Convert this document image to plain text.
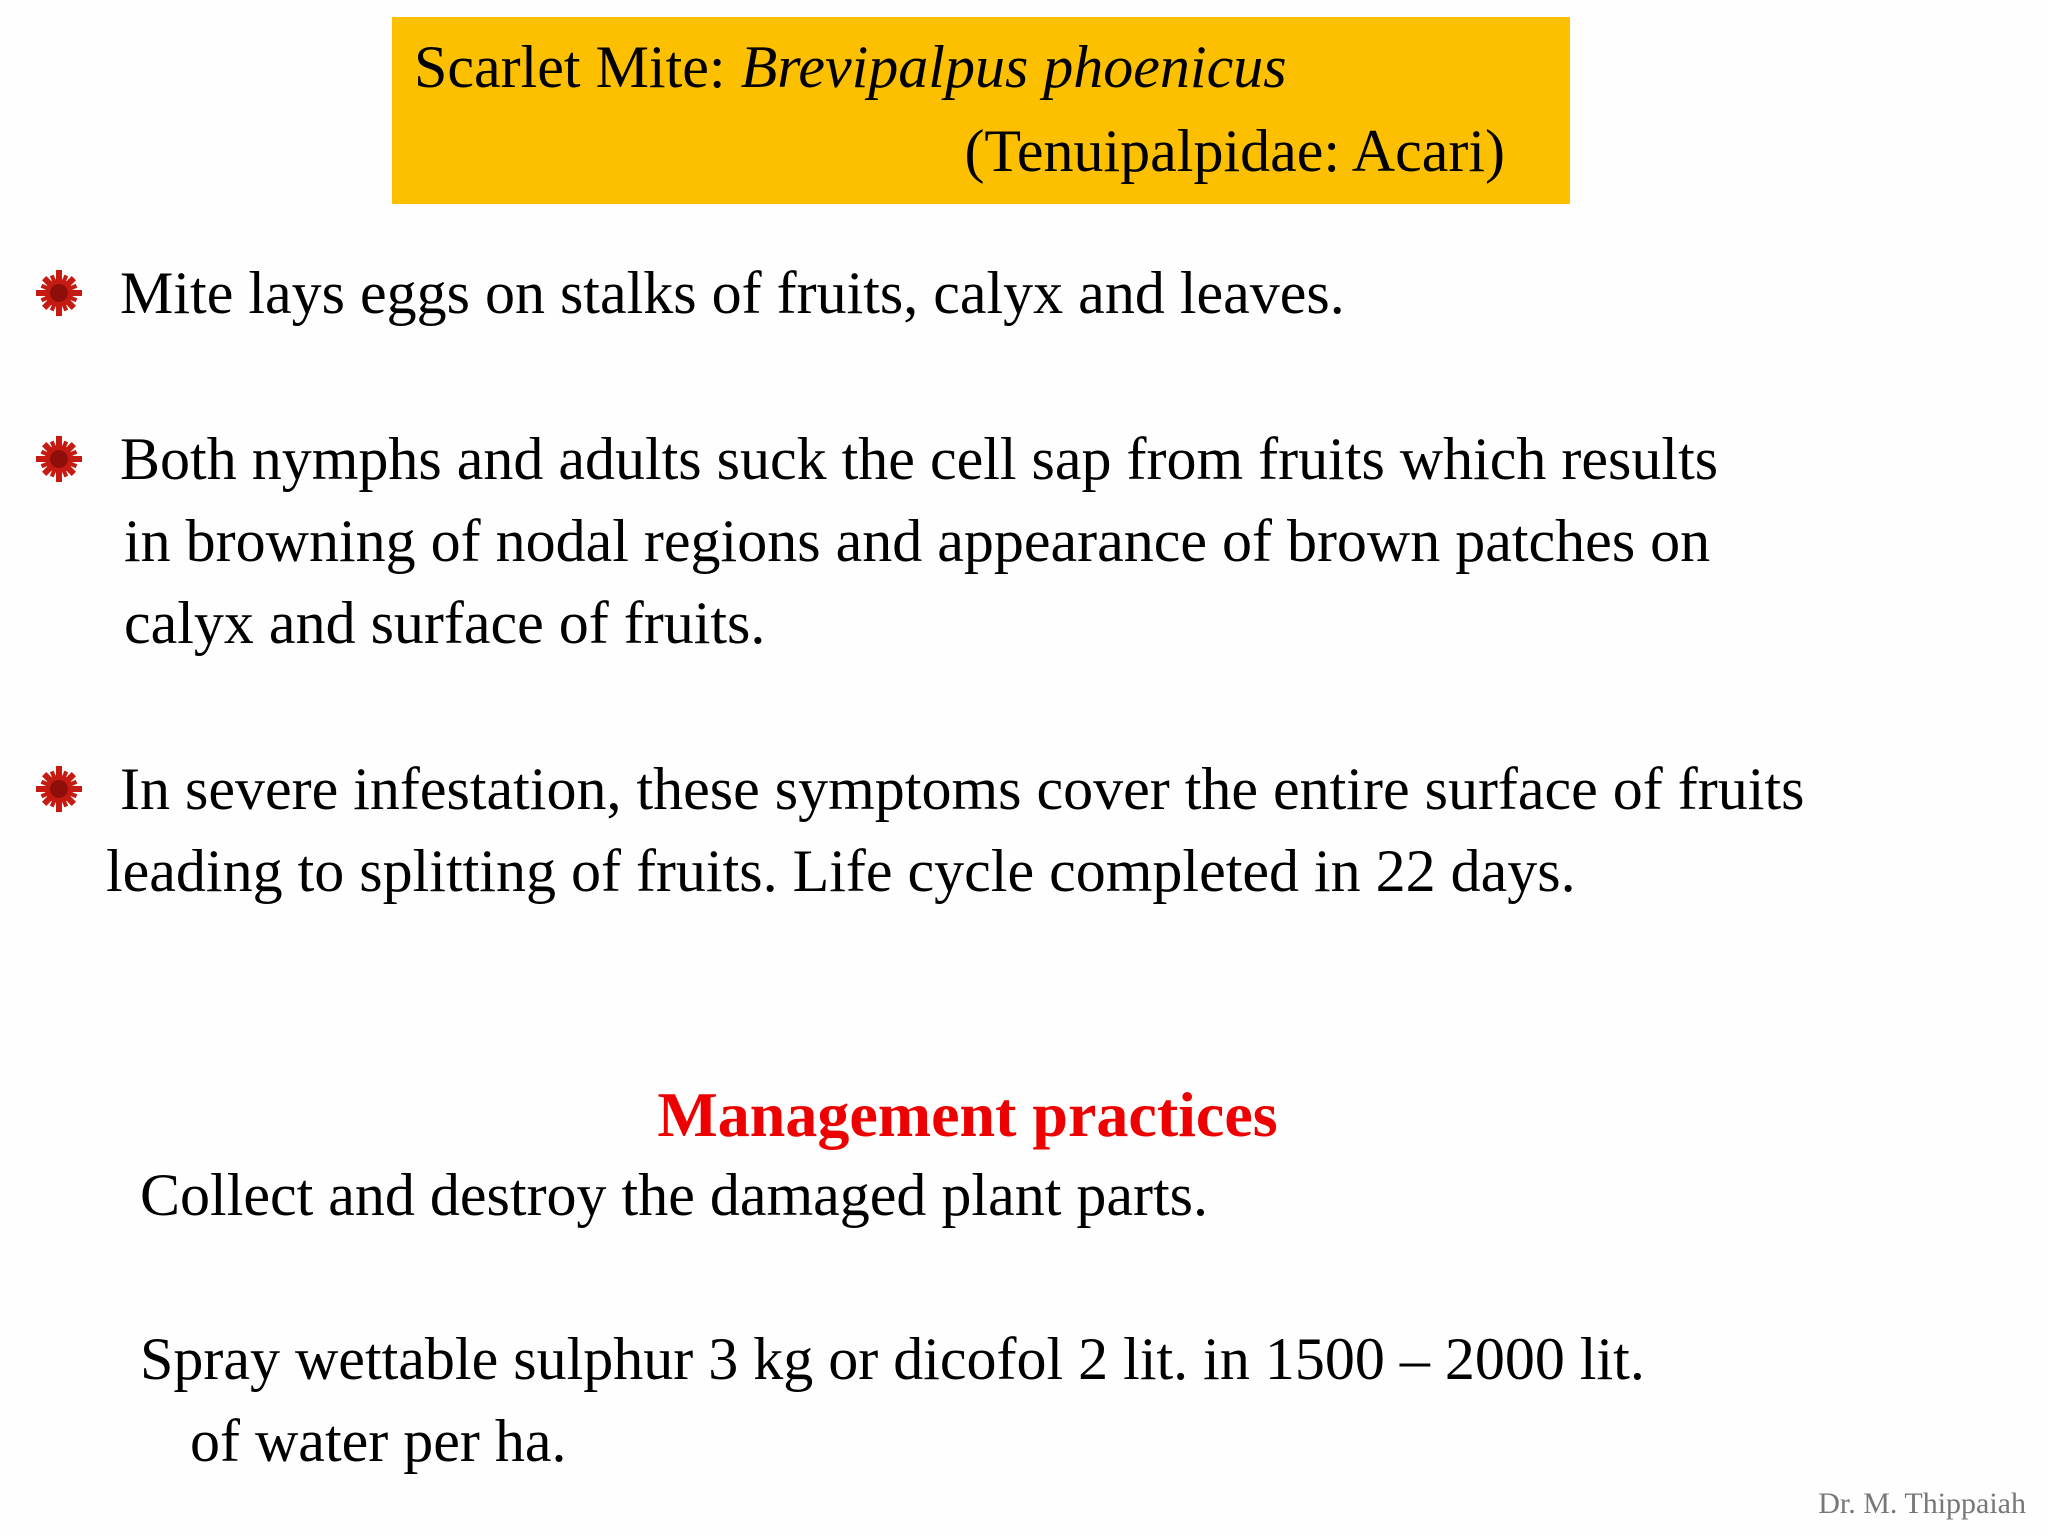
Scarlet Mite: Brevipalpus phoenicus
(Tenuipalpidae: Acari)
Mite lays eggs on stalks of fruits, calyx and leaves.
Both nymphs and adults suck the cell sap from fruits which results
in browning of nodal regions and appearance of brown patches on
calyx and surface of fruits.
In severe infestation, these symptoms cover the entire surface of fruits
leading to splitting of fruits. Life cycle completed in 22 days.
Management practices
Collect and destroy the damaged plant parts.
Spray wettable sulphur 3 kg or dicofol 2 lit. in 1500 – 2000 lit.
of water per ha.
Dr. M. Thippaiah
